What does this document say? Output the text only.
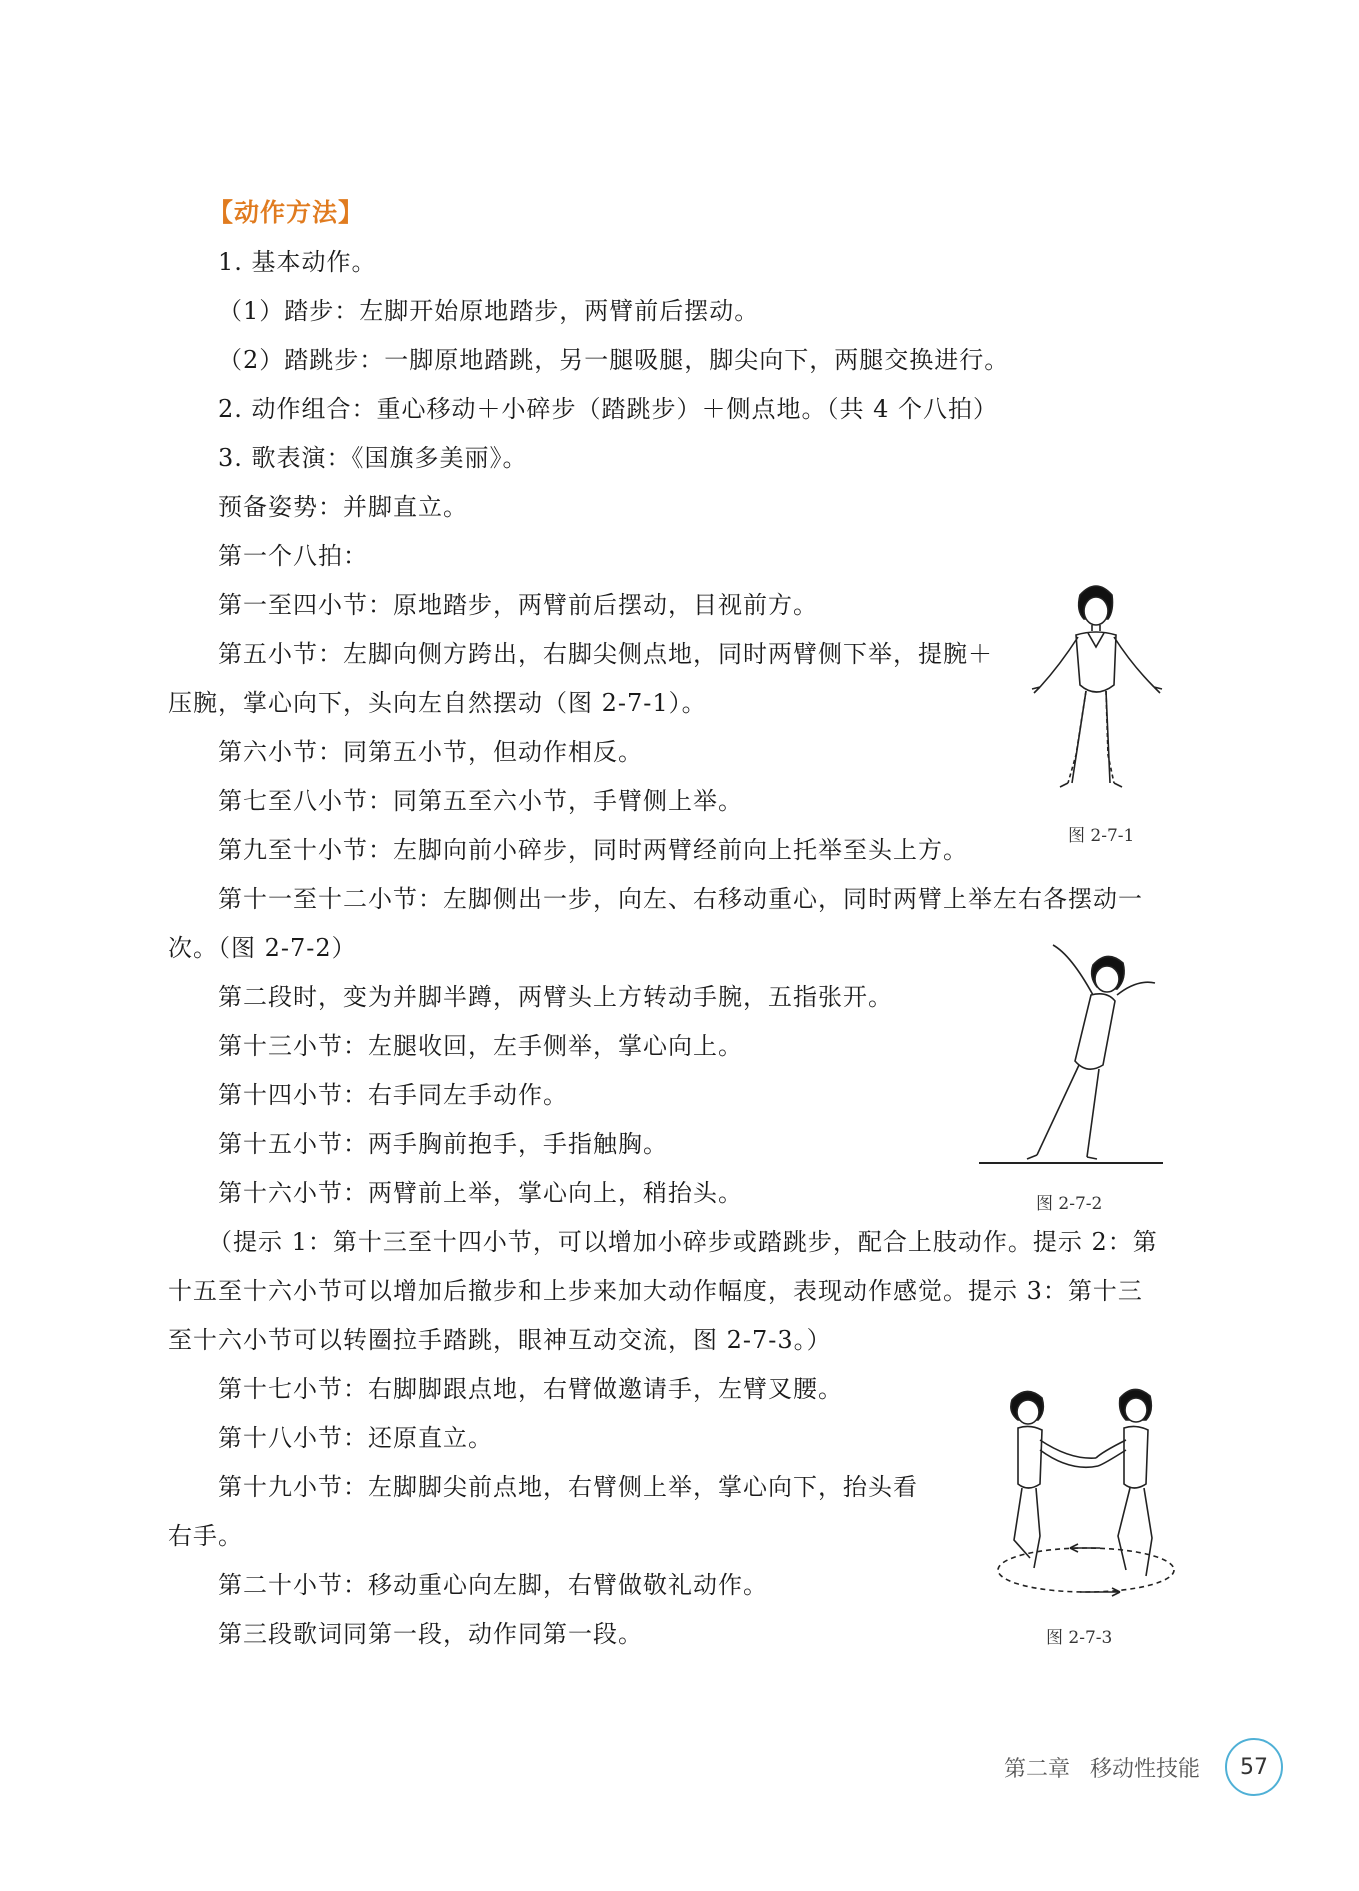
【动作方法】
1. 基本动作。
（1）踏步：左脚开始原地踏步，两臂前后摆动。
（2）踏跳步：一脚原地踏跳，另一腿吸腿，脚尖向下，两腿交换进行。
2. 动作组合：重心移动＋小碎步（踏跳步）＋侧点地。（共 4 个八拍）
3. 歌表演：《国旗多美丽》。
预备姿势：并脚直立。
第一个八拍：
第一至四小节：原地踏步，两臂前后摆动，目视前方。
第五小节：左脚向侧方跨出，右脚尖侧点地，同时两臂侧下举，提腕＋
压腕，掌心向下，头向左自然摆动（图 2-7-1）。
第六小节：同第五小节，但动作相反。
第七至八小节：同第五至六小节，手臂侧上举。
第九至十小节：左脚向前小碎步，同时两臂经前向上托举至头上方。
第十一至十二小节：左脚侧出一步，向左、右移动重心，同时两臂上举左右各摆动一
次。（图 2-7-2）
第二段时，变为并脚半蹲，两臂头上方转动手腕，五指张开。
第十三小节：左腿收回，左手侧举，掌心向上。
第十四小节：右手同左手动作。
第十五小节：两手胸前抱手，手指触胸。
第十六小节：两臂前上举，掌心向上，稍抬头。
（提示 1：第十三至十四小节，可以增加小碎步或踏跳步，配合上肢动作。提示 2：第
十五至十六小节可以增加后撤步和上步来加大动作幅度，表现动作感觉。提示 3：第十三
至十六小节可以转圈拉手踏跳，眼神互动交流，图 2-7-3。）
第十七小节：右脚脚跟点地，右臂做邀请手，左臂叉腰。
第十八小节：还原直立。
第十九小节：左脚脚尖前点地，右臂侧上举，掌心向下，抬头看
右手。
第二十小节：移动重心向左脚，右臂做敬礼动作。
第三段歌词同第一段，动作同第一段。
图 2-7-1
图 2-7-2
图 2-7-3
第二章 移动性技能 57
